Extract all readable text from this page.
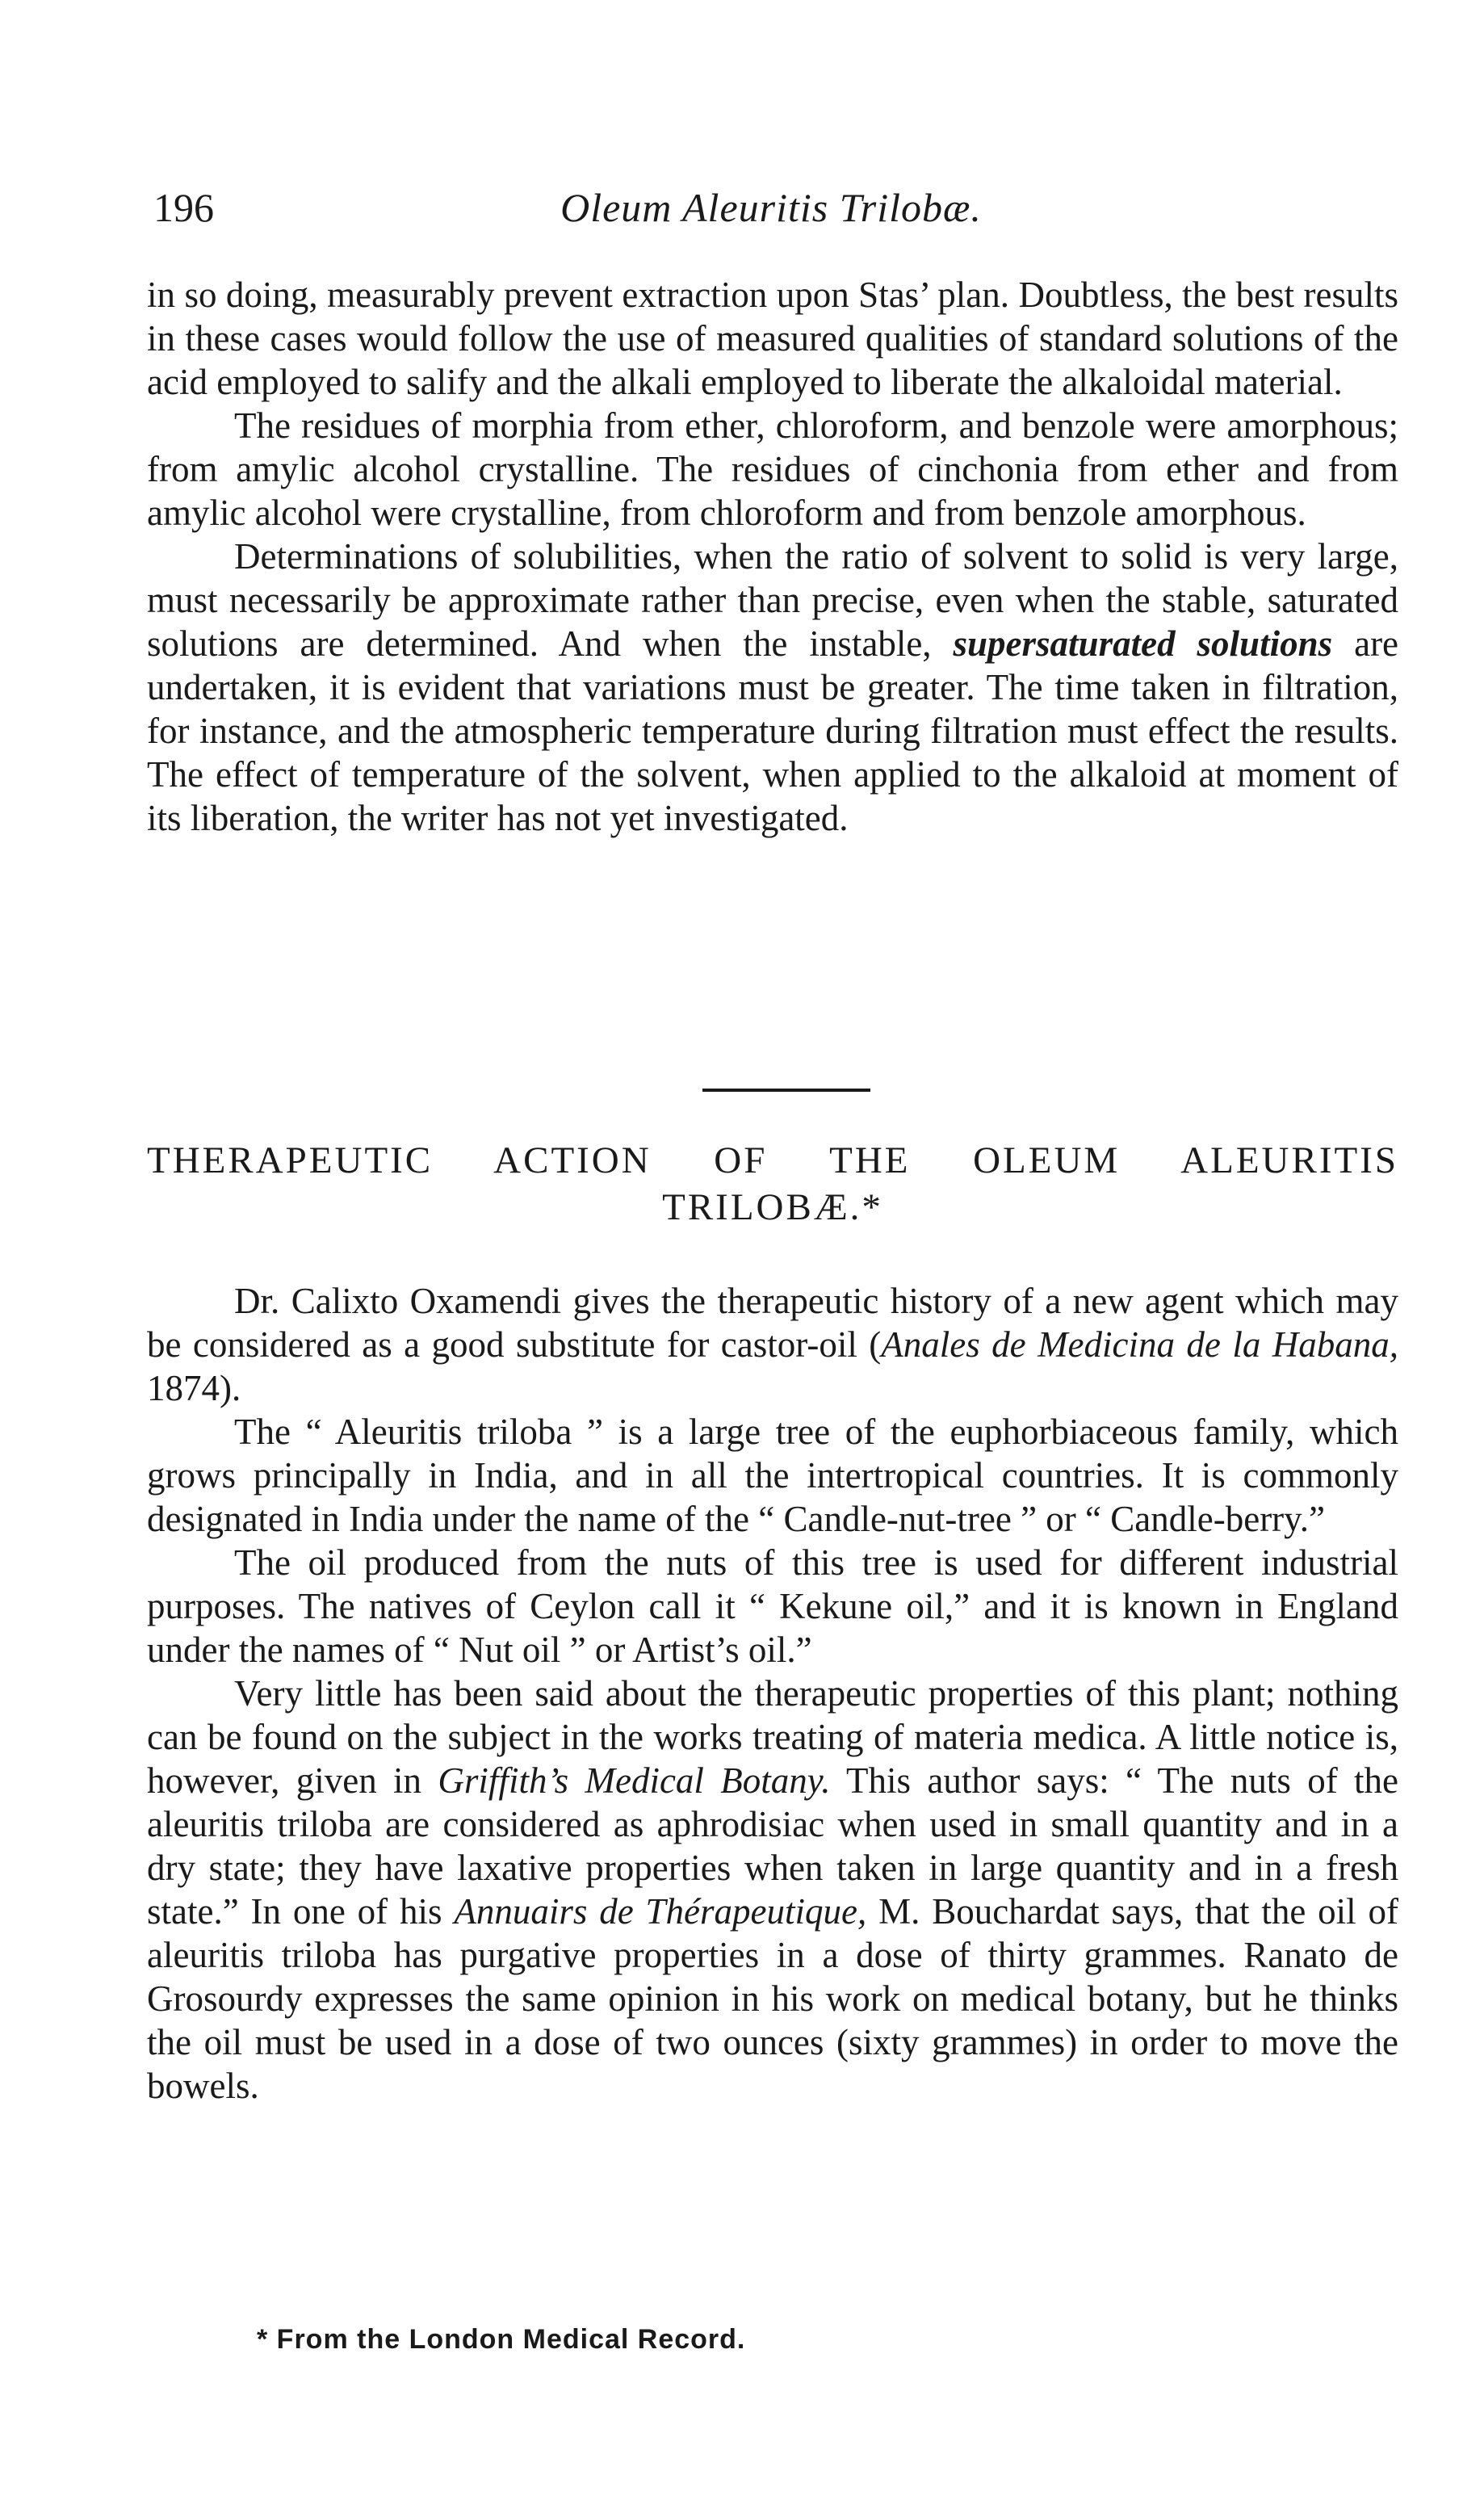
196	Oleum Aleuritis Trilobæ.

in so doing, measurably prevent extraction upon Stas’ plan. Doubtless, the best results in these cases would follow the use of measured qualities of standard solutions of the acid employed to salify and the alkali employed to liberate the alkaloidal material.

The residues of morphia from ether, chloroform, and benzole were amorphous; from amylic alcohol crystalline. The residues of cinchonia from ether and from amylic alcohol were crystalline, from chloroform and from benzole amorphous.

Determinations of solubilities, when the ratio of solvent to solid is very large, must necessarily be approximate rather than precise, even when the stable, saturated solutions are determined. And when the instable, supersaturated solutions are undertaken, it is evident that variations must be greater. The time taken in filtration, for instance, and the atmospheric temperature during filtration must effect the results. The effect of temperature of the solvent, when applied to the alkaloid at moment of its liberation, the writer has not yet investigated.

THERAPEUTIC ACTION OF THE OLEUM ALEURITIS
TRILOBÆ.*

Dr. Calixto Oxamendi gives the therapeutic history of a new agent which may be considered as a good substitute for castor-oil (Anales de Medicina de la Habana, 1874).

The “ Aleuritis triloba ” is a large tree of the euphorbiaceous family, which grows principally in India, and in all the intertropical countries. It is commonly designated in India under the name of the “ Candle-nut-tree ” or “ Candle-berry.”

The oil produced from the nuts of this tree is used for different industrial purposes. The natives of Ceylon call it “ Kekune oil,” and it is known in England under the names of “ Nut oil ” or Artist’s oil.”

Very little has been said about the therapeutic properties of this plant; nothing can be found on the subject in the works treating of materia medica. A little notice is, however, given in Griffith’s Medical Botany. This author says: “ The nuts of the aleuritis triloba are considered as aphrodisiac when used in small quantity and in a dry state; they have laxative properties when taken in large quantity and in a fresh state.” In one of his Annuairs de Thérapeutique, M. Bouchardat says, that the oil of aleuritis triloba has purgative properties in a dose of thirty grammes. Ranato de Grosourdy expresses the same opinion in his work on medical botany, but he thinks the oil must be used in a dose of two ounces (sixty grammes) in order to move the bowels.

* From the London Medical Record.
